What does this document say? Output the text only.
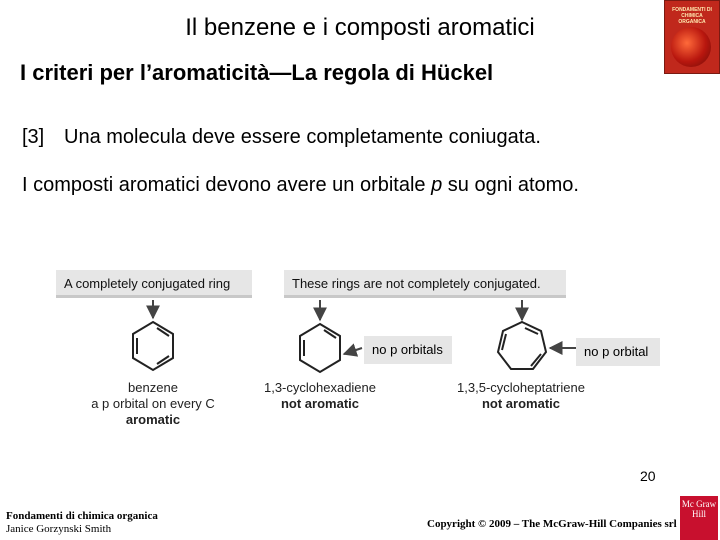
Il benzene e i composti aromatici
FONDAMENTI DI CHIMICA ORGANICA
I criteri per l’aromaticità—La regola di Hückel
[3] Una molecula deve essere completamente coniugata.
I composti aromatici devono avere un orbitale p su ogni atomo.
A completely conjugated ring	These rings are not completely conjugated.
no p orbitals	no p orbital
benzene
a p orbital on every C
aromatic
1,3-cyclohexadiene
not aromatic
1,3,5-cycloheptatriene
not aromatic
20
Fondamenti di chimica organica
Janice Gorzynski Smith	Copyright © 2009 – The McGraw-Hill Companies srl
Mc Graw Hill
